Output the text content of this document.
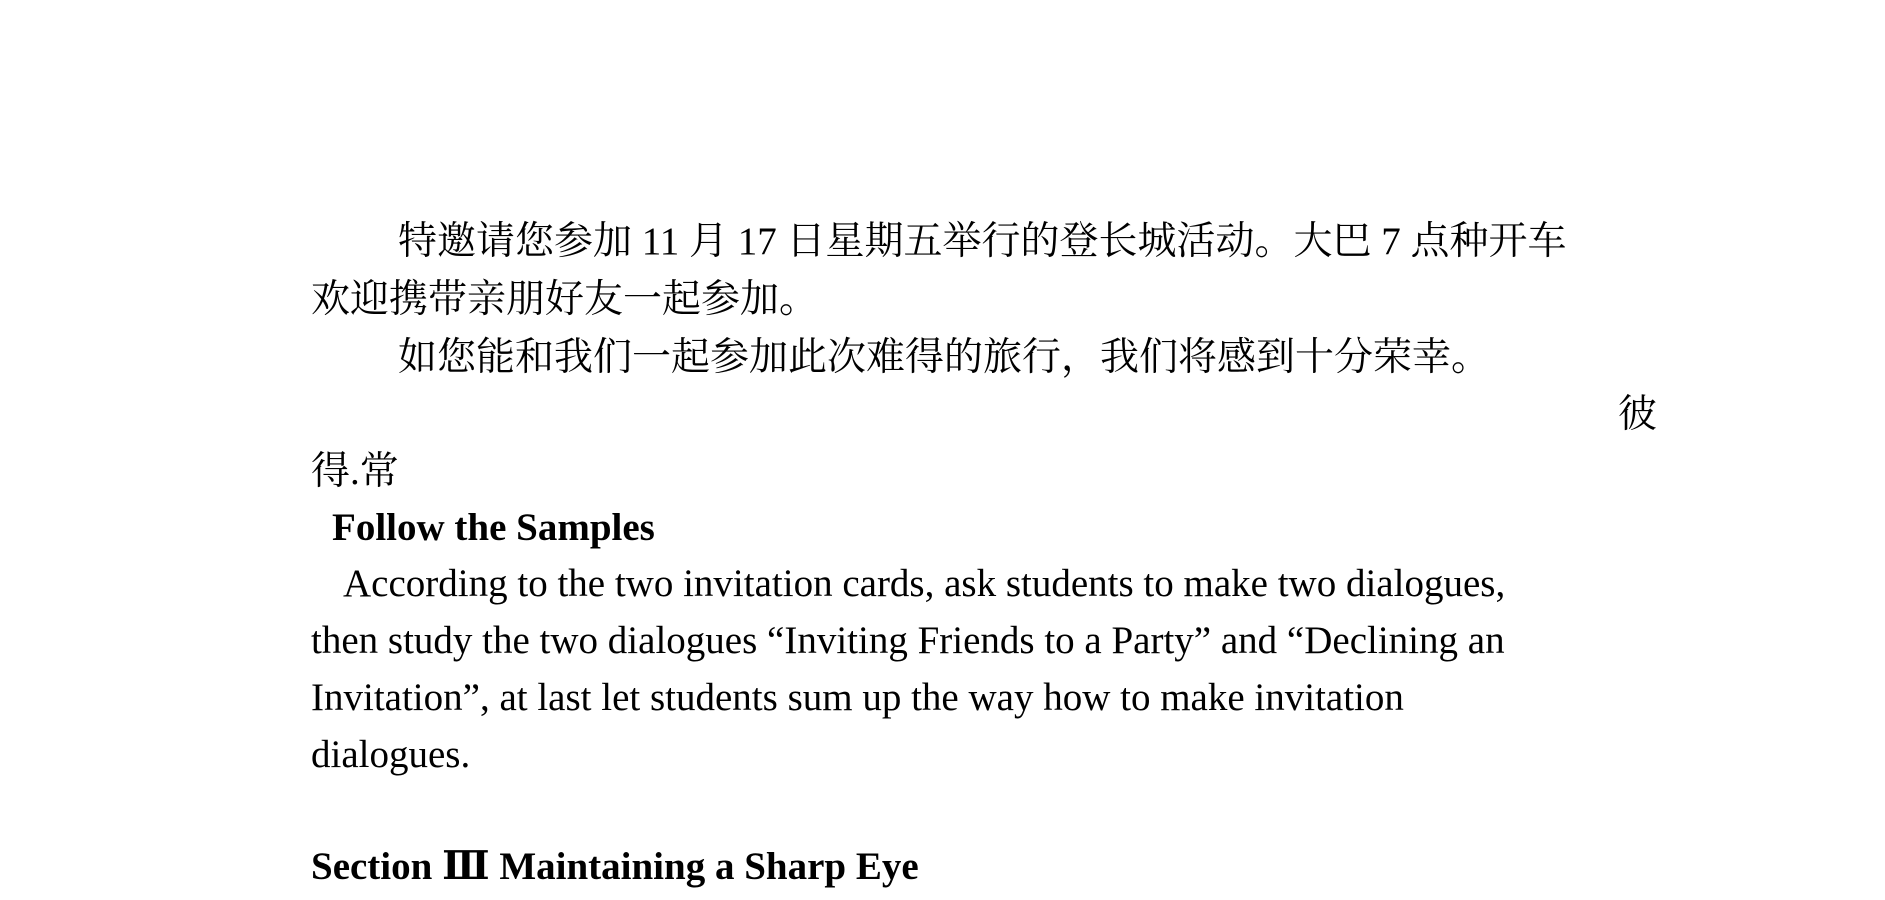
特邀请您参加 11 月 17 日星期五举行的登长城活动。大巴 7 点种开车
欢迎携带亲朋好友一起参加。
如您能和我们一起参加此次难得的旅行，我们将感到十分荣幸。
彼
得.常
Follow the Samples
According to the two invitation cards, ask students to make two dialogues,
then study the two dialogues “Inviting Friends to a Party” and “Declining an
Invitation”, at last let students sum up the way how to make invitation
dialogues.
Section Ⅲ Maintaining a Sharp Eye
